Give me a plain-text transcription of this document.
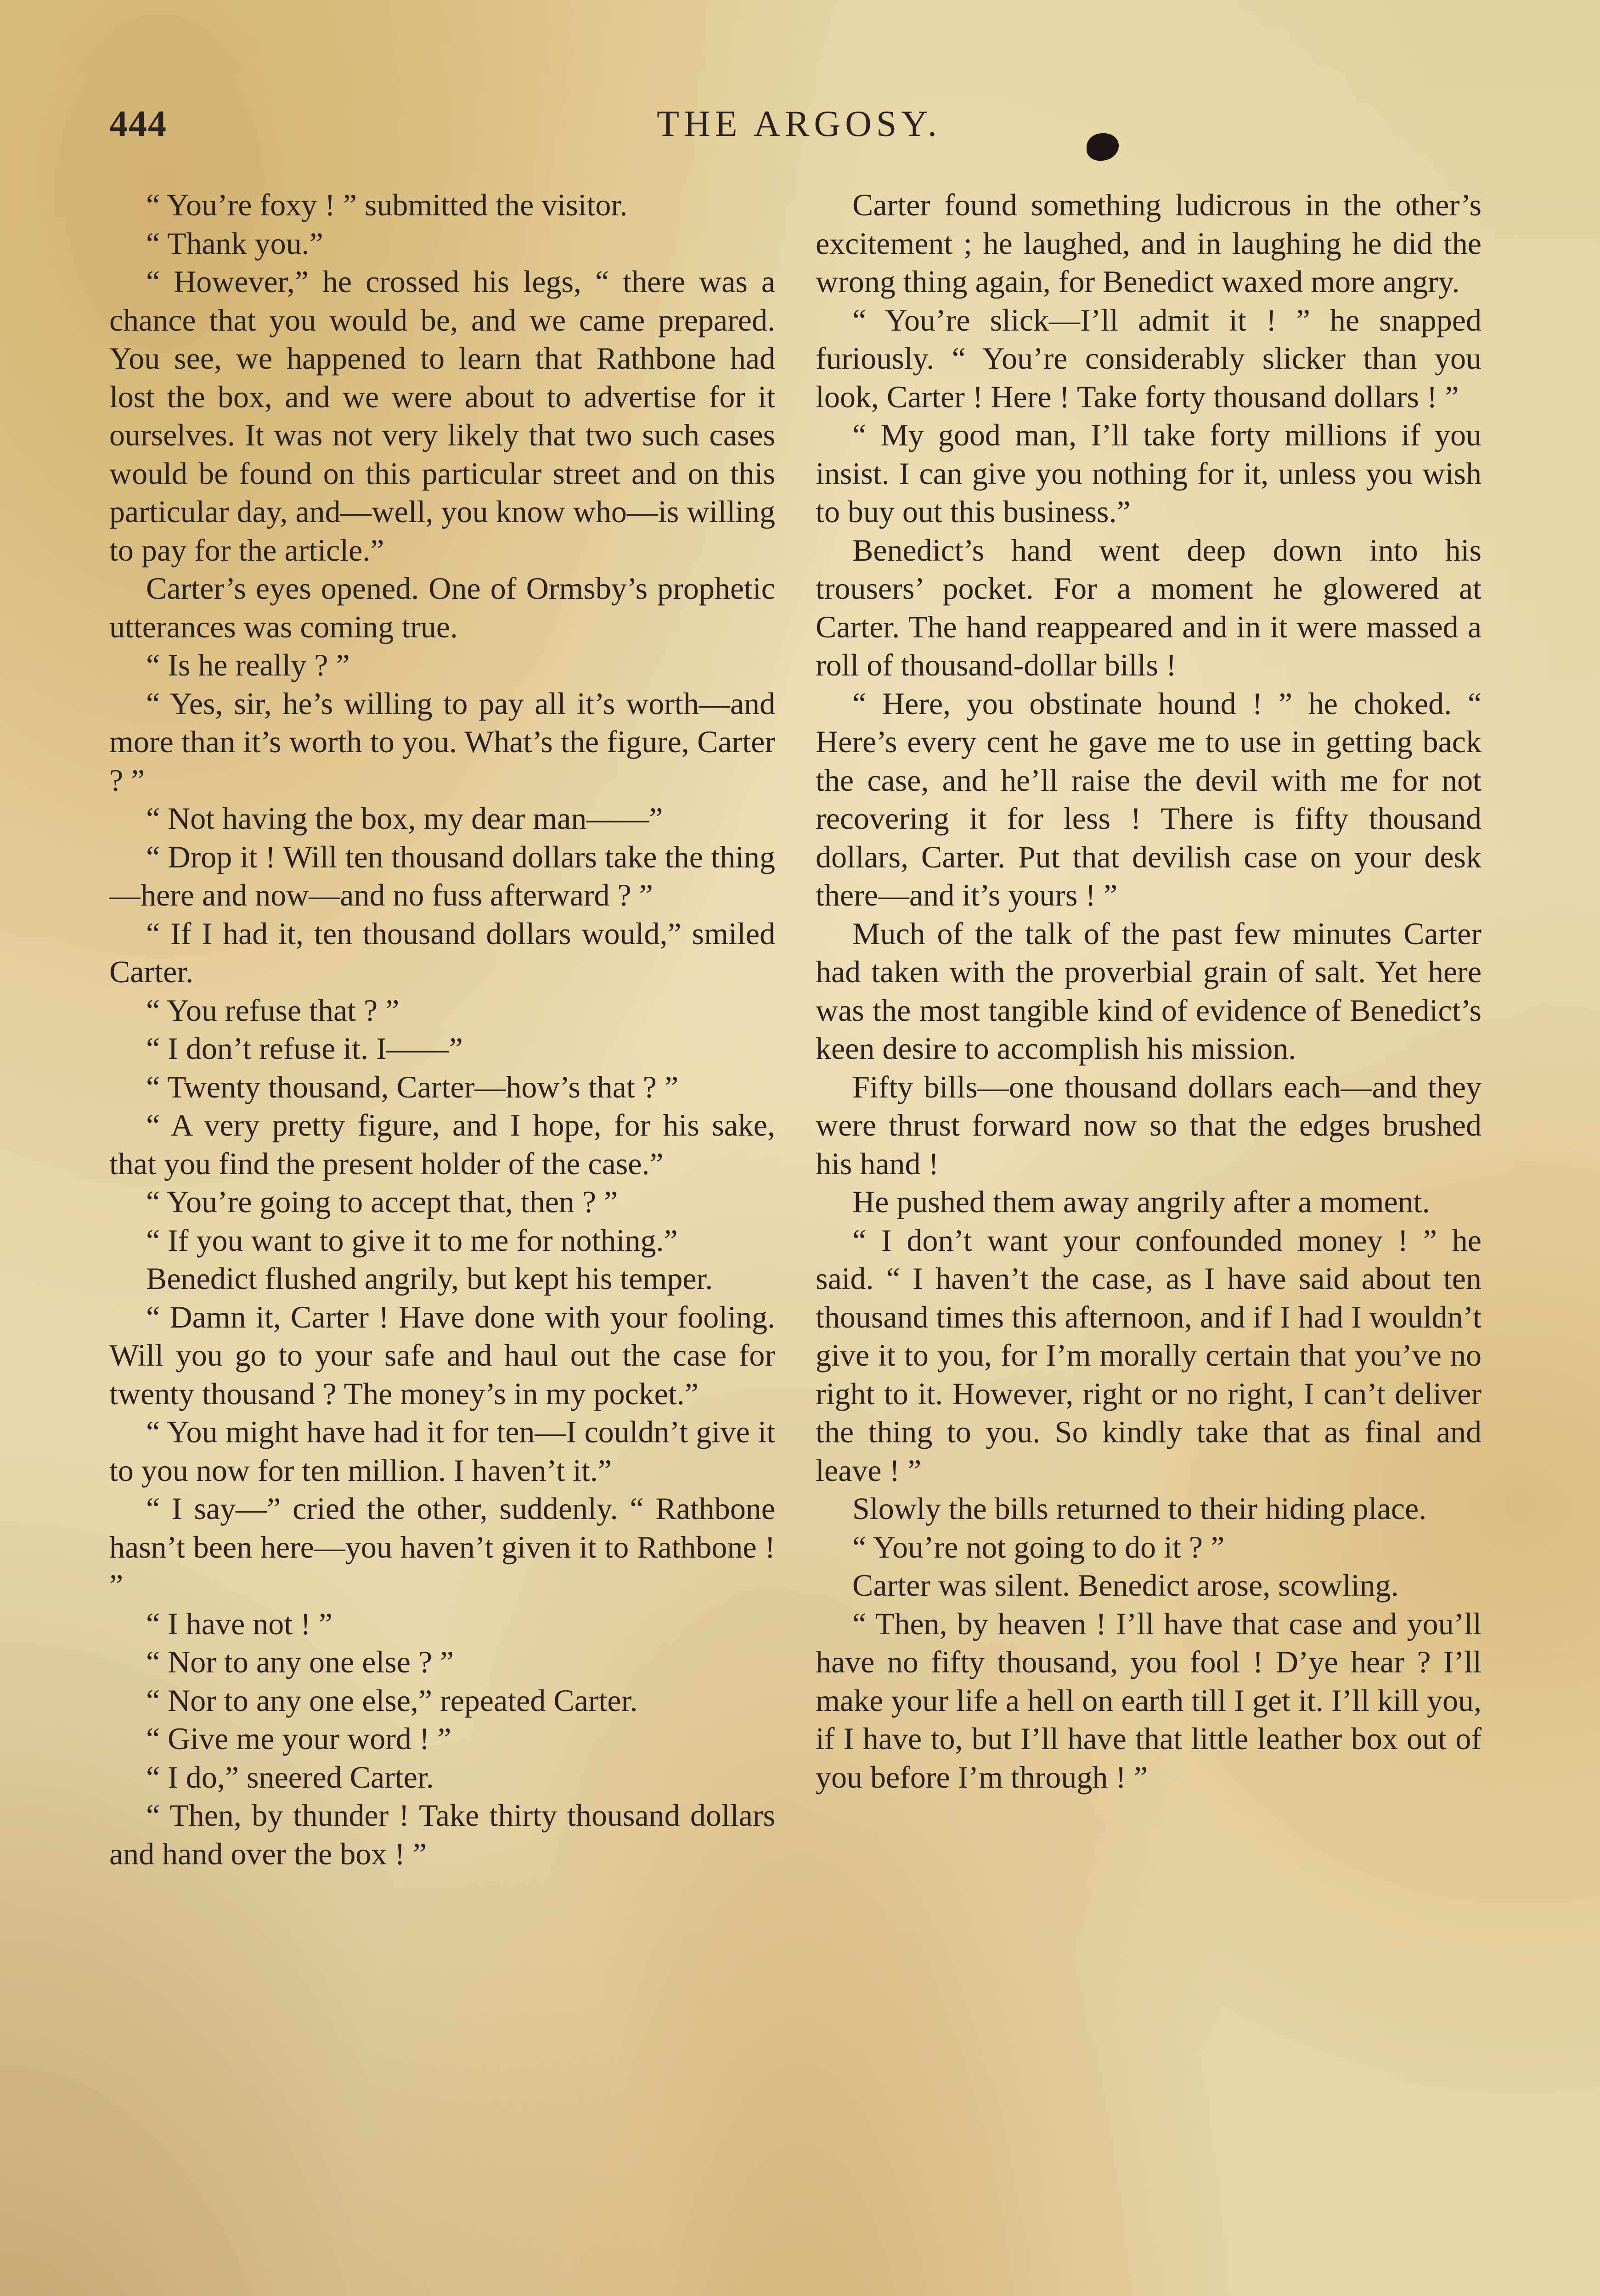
444	THE ARGOSY.

“ You’re foxy ! ” submitted the visitor.

“ Thank you.”

“ However,” he crossed his legs, “ there was a chance that you would be, and we came prepared. You see, we happened to learn that Rathbone had lost the box, and we were about to advertise for it ourselves. It was not very likely that two such cases would be found on this particular street and on this particular day, and—well, you know who—is willing to pay for the article.”

Carter’s eyes opened. One of Ormsby’s prophetic utterances was coming true.

“ Is he really ? ”

“ Yes, sir, he’s willing to pay all it’s worth—and more than it’s worth to you. What’s the figure, Carter ? ”

“ Not having the box, my dear man——”

“ Drop it ! Will ten thousand dollars take the thing—here and now—and no fuss afterward ? ”

“ If I had it, ten thousand dollars would,” smiled Carter.

“ You refuse that ? ”

“ I don’t refuse it. I——”

“ Twenty thousand, Carter—how’s that ? ”

“ A very pretty figure, and I hope, for his sake, that you find the present holder of the case.”

“ You’re going to accept that, then ? ”

“ If you want to give it to me for nothing.”

Benedict flushed angrily, but kept his temper.

“ Damn it, Carter ! Have done with your fooling. Will you go to your safe and haul out the case for twenty thousand ? The money’s in my pocket.”

“ You might have had it for ten—I couldn’t give it to you now for ten million. I haven’t it.”

“ I say—” cried the other, suddenly. “ Rathbone hasn’t been here—you haven’t given it to Rathbone ! ”

“ I have not ! ”

“ Nor to any one else ? ”

“ Nor to any one else,” repeated Carter.

“ Give me your word ! ”

“ I do,” sneered Carter.

“ Then, by thunder ! Take thirty thousand dollars and hand over the box ! ”

Carter found something ludicrous in the other’s excitement ; he laughed, and in laughing he did the wrong thing again, for Benedict waxed more angry.

“ You’re slick—I’ll admit it ! ” he snapped furiously. “ You’re considerably slicker than you look, Carter ! Here ! Take forty thousand dollars ! ”

“ My good man, I’ll take forty millions if you insist. I can give you nothing for it, unless you wish to buy out this business.”

Benedict’s hand went deep down into his trousers’ pocket. For a moment he glowered at Carter. The hand reappeared and in it were massed a roll of thousand-dollar bills !

“ Here, you obstinate hound ! ” he choked. “ Here’s every cent he gave me to use in getting back the case, and he’ll raise the devil with me for not recovering it for less ! There is fifty thousand dollars, Carter. Put that devilish case on your desk there—and it’s yours ! ”

Much of the talk of the past few minutes Carter had taken with the proverbial grain of salt. Yet here was the most tangible kind of evidence of Benedict’s keen desire to accomplish his mission.

Fifty bills—one thousand dollars each—and they were thrust forward now so that the edges brushed his hand !

He pushed them away angrily after a moment.

“ I don’t want your confounded money ! ” he said. “ I haven’t the case, as I have said about ten thousand times this afternoon, and if I had I wouldn’t give it to you, for I’m morally certain that you’ve no right to it. However, right or no right, I can’t deliver the thing to you. So kindly take that as final and leave ! ”

Slowly the bills returned to their hiding place.

“ You’re not going to do it ? ”

Carter was silent. Benedict arose, scowling.

“ Then, by heaven ! I’ll have that case and you’ll have no fifty thousand, you fool ! D’ye hear ? I’ll make your life a hell on earth till I get it. I’ll kill you, if I have to, but I’ll have that little leather box out of you before I’m through ! ”
